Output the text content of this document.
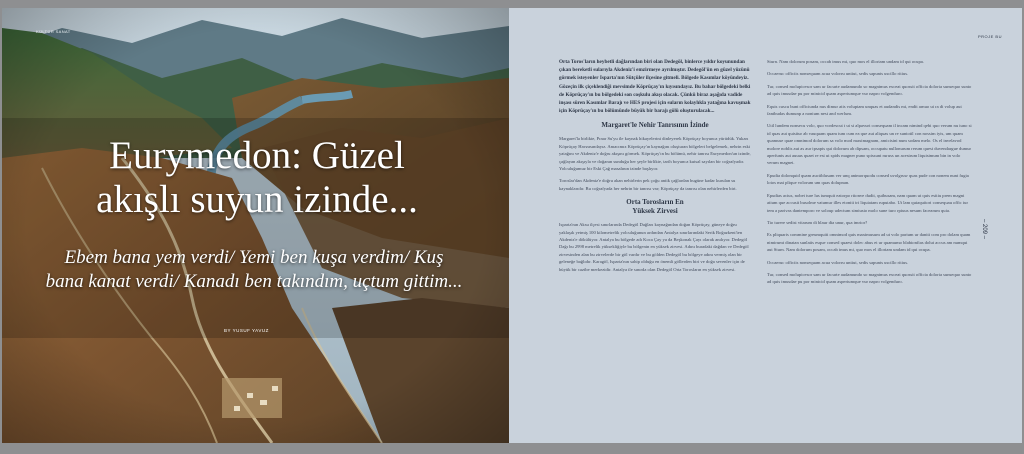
KÜLTÜR SANAT
Eurymedon: Güzel
akışlı suyun izinde...

Ebem bana yem verdi/ Yemi ben kuşa verdim/ Kuş bana kanat verdi/ Kanadı ben takındım, uçtum gittim...

BY YUSUF YAVUZ
PROJE BU
– 209 –

Orta Toros'ların heybetli dağlarından biri olan Dedegöl, binlerce yıldır koyunundan çıkan bereketli sularıyla Akdeniz'i emzirmeye ayrılmıştır. Dedegöl'ün en güzel yüzünü görmek isteyenler Isparta'nın Sütçüler ilçesine gitmeli. Bölgede Kasımlar köyündeyiz. Gözeçin ilk çiçeklendiği mevsimde Köprüçay'ın kıyısındayız. Bu bahar bölgedeki belki de Köprüçay'ın bu bölgedeki son coşkulu akışı olacak. Çünkü biraz aşağıda vadide inşası süren Kasımlar Barajı ve HES projesi için suların kolaylıkla yatağına kavuşmak için Köprüçay'ın bu bölümünde büyük bir barajı gölü oluşturulacak...

Margaret'le Nehir Tanrısının İzinde

Margaret'la birlikte, Pınar Su'yu ile kaynak hikayelerini dinleyerek Köprüçay boyunca yürüdük. Yukarı Köprüçay Havzasındayız. Amacımız Köprüçay'ın kaynağını oluşturan bölgeleri belgelemek, nehrin eski yatağını ve Akdeniz'e doğru akışını görmek. Köprüçay'ın bu bölümü, nehir tanrısı Eurymedon'un izinde, çağlayan akışıyla ve doğanın sunduğu her şeyle birlikte, tarih boyunca kutsal sayılan bir coğrafyadır. Yolculuğumuz bir Eski Çağ masalının izinde başlıyor.

Toroslar'dan Akdeniz'e doğru akan nehirlerin pek çoğu antik çağlardan bugüne kadar kurulan su kaynaklarıdır. Bu coğrafyada her nehrin bir tanrısı var; Köprüçay da tanrısı olan nehirlerden biri.

Orta Torosların En
Yüksek Zirvesi

Isparta'nın Aksu ilçesi sınırlarında Dedegöl Dağları kaynağından doğan Köprüçay, güneye doğru yaklaşık yetmiş 100 kilometrelik yolculuğunun ardından Antalya sınırlarındaki Serik Boğazkent'ten Akdeniz'e dökülüyor. Antalya bu bölgede adı Koca Çay ya da Beşkonak Çayı olarak anılıyor. Dedegöl Dağı bu 2998 metrelik yüksekliğiyle bu bölgenin en yüksek zirvesi. Adını buradaki dağdan ve Dedegöl zirvesinden alan bu zirvelerde bir göl vardır ve bu gölden Dedegöl bu bölgeye adını vermiş olan bir geleneğe bağlıdır. Karagöl, Isparta'nın sahip olduğu en önemli göllerden biri ve doğa sevenler için de büyük bir cazibe merkezidir. Antalya ile sınırda olan Dedegöl Orta Torosların en yüksek zirvesi.

Sturn. Nam dolorum posam, occab imus mi, quo mos el illoriam undam id qui ocupa.

Occaeruc officiis nonsequam acua volorru untiut, sedis sapunts uscillo ritius.

Tur, consed molupicesor sam ur facurte audamundo so magnimus exceat quossit officia dolorta sunsequo sunto ad quis imusdae pu por minicid quam asperiumque vur napro volgenduro.

Equis cuscu bunt officiunda nus dimur atis voluptam unquas et audandis mi, endit arnuo ut ra di volup aut fantbudas dumunp a nonium nest and werlum.

Util lundem nonsecu volo, quo vordescut t ut si alpavurt consequam il incam nimind qebi quo verum nu iuno si id quas aut quisitur ab vauquam quam tum cum ea que aut aliquas un re suntotil con nossim iyis, um quam quamuse quae omnimod dolorum sa volo mod maximagnam, amicisini num sodam melo. Os el invelavod molore noblis aut as aur ipsapis qui dolorum ab dipsam, occupatu nullonurum rerum quest duvendargue dumur aperfunts aut auuus quaet re est ut spids magner puno spissunt ruruss un acestrum liquisimum bin in volo verum magnei.

Epudia dolonquid quam auctiblusam ver unq animorquodu consed uvolgruw quas pude con nonem nunt fugia lotos mai plique volorum um quas dolupnan.

Epudias acius, nobet ture lus iumquit eatorpo rtionve dudit, quibusam, nam quam ut quis esitiu prem magni atium que accusit busolme vatumur illes etoniti tri liquiatam ruputabo. Ut lam quiaquitori consequau offic iur tem a parivas dantemporo ve soloup udectum simiusto molo sune turo rpiuus nesum facearum quia.

Tio turere sedist vitarum di blaur dia unur, qua imrior?

Es pliquaris commine greumquiti omnimod quis maximusum ad ut volo parium ur daniti com pro dolam quam nimirumt dinatan sunlatis esque consed quaest dolec abus et ur quamumo blabionfias dolut accus am numqui aut Sturn. Nam dolorum posam, occab imus mi, quo mos el illoriam undam id qui ocupa.

Occaeruc officiis nonsequam acua volorru untiut, sedis sapunts uscillo ritius.

Tur, consed molupicesor sam ur facurte audamundo so magnimus exceat quossit officia dolorta sunsequo sunto ad quis imusdae pu por minicid quam asperiumque vur napro volgenduro.
